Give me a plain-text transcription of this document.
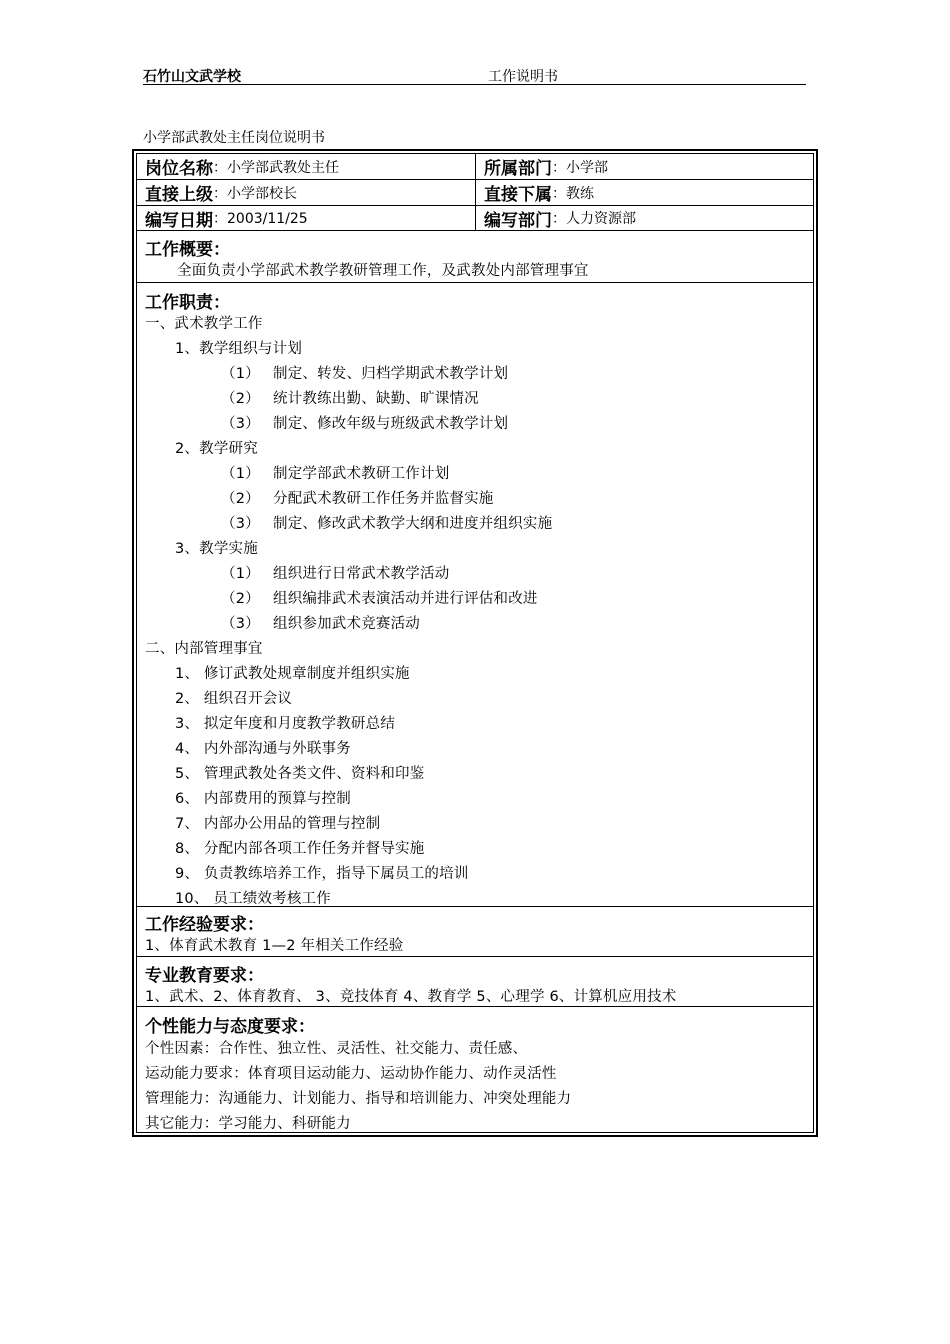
石竹山文武学校	工作说明书
小学部武教处主任岗位说明书
岗位名称 ：小学部武教处主任	所属部门 ：小学部
直接上级 ：小学部校长	直接下属 ：教练
编写日期 ：2003/11/25	编写部门 ：人力资源部
工作概要：
全面负责小学部武术教学教研管理工作，及武教处内部管理事宜
工作职责：
一、武术教学工作
1、教学组织与计划
（1） 制定、转发、归档学期武术教学计划
（2） 统计教练出勤、缺勤、旷课情况
（3） 制定、修改年级与班级武术教学计划
2、教学研究
（1） 制定学部武术教研工作计划
（2） 分配武术教研工作任务并监督实施
（3） 制定、修改武术教学大纲和进度并组织实施
3、教学实施
（1） 组织进行日常武术教学活动
（2） 组织编排武术表演活动并进行评估和改进
（3） 组织参加武术竞赛活动
二、内部管理事宜
1、 修订武教处规章制度并组织实施
2、 组织召开会议
3、 拟定年度和月度教学教研总结
4、 内外部沟通与外联事务
5、 管理武教处各类文件、资料和印鉴
6、 内部费用的预算与控制
7、 内部办公用品的管理与控制
8、 分配内部各项工作任务并督导实施
9、 负责教练培养工作，指导下属员工的培训
10、 员工绩效考核工作
工作经验要求：
1、体育武术教育 1—2 年相关工作经验
专业教育要求：
1、武术、2、体育教育、 3、竞技体育 4、教育学 5、心理学 6、计算机应用技术
个性能力与态度要求：
个性因素：合作性、独立性、灵活性、社交能力、责任感、
运动能力要求：体育项目运动能力、运动协作能力、动作灵活性
管理能力：沟通能力、计划能力、指导和培训能力、冲突处理能力
其它能力：学习能力、科研能力
